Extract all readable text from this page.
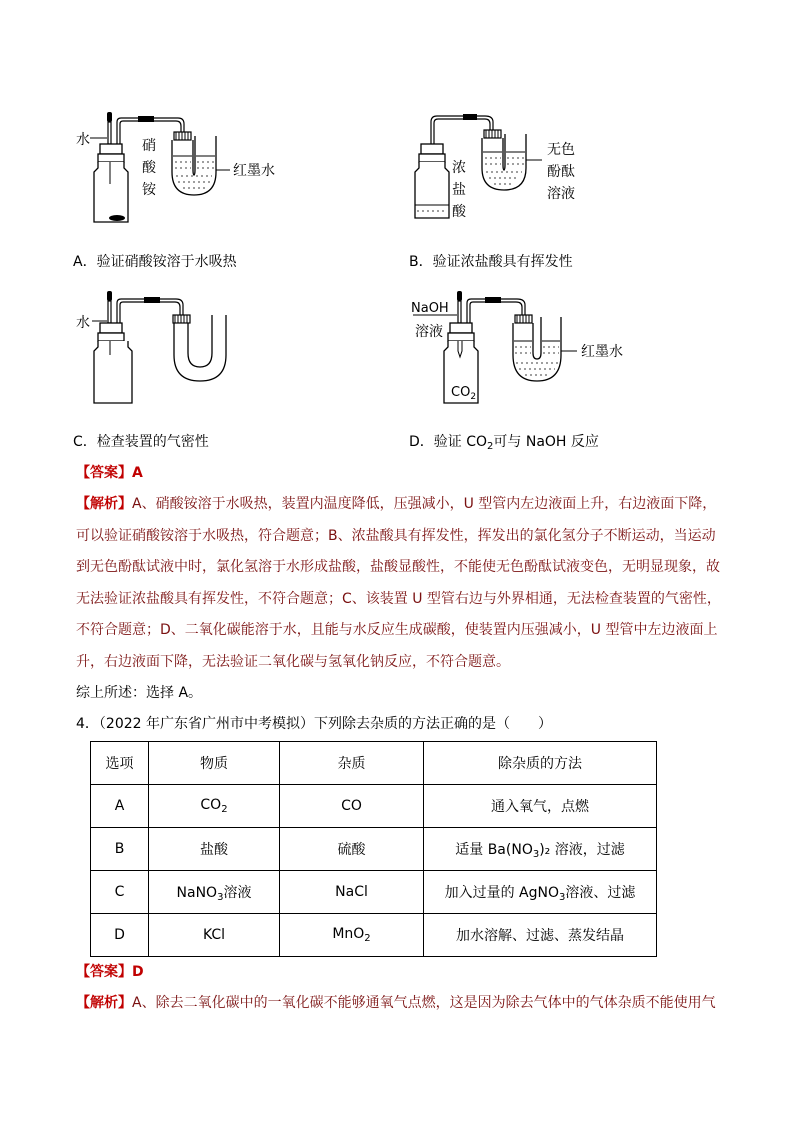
水	硝
酸
铵
红墨水
A．验证硝酸铵溶于水吸热
浓
盐
酸
无色
酚酞
溶液
B．验证浓盐酸具有挥发性
水
C．检查装置的气密性
NaOH
溶液
$CO_2$
红墨水
D．验证 $CO_2$可与 NaOH 反应
【答案】A
【解析】A、硝酸铵溶于水吸热，装置内温度降低，压强减小，U 型管内左边液面上升，右边液面下降，
可以验证硝酸铵溶于水吸热，符合题意；B、浓盐酸具有挥发性，挥发出的氯化氢分子不断运动，当运动
到无色酚酞试液中时，氯化氢溶于水形成盐酸，盐酸显酸性，不能使无色酚酞试液变色，无明显现象，故
无法验证浓盐酸具有挥发性，不符合题意；C、该装置 U 型管右边与外界相通，无法检查装置的气密性，
不符合题意；D、二氧化碳能溶于水，且能与水反应生成碳酸，使装置内压强减小，U 型管中左边液面上
升，右边液面下降，无法验证二氧化碳与氢氧化钠反应，不符合题意。
综上所述：选择 A。
4．（2022 年广东省广州市中考模拟）下列除去杂质的方法正确的是（　　）
选项	物质	杂质	除杂质的方法
A	$CO_2$	CO	通入氧气，点燃
B	盐酸	硫酸	适量 $Ba(NO_3)_2$ 溶液，过滤
C	NaNO$_3$溶液	NaCl	加入过量的 AgNO$_3$溶液、过滤
D	KCl	MnO$_2$	加水溶解、过滤、蒸发结晶
【答案】D
【解析】A、除去二氧化碳中的一氧化碳不能够通氧气点燃，这是因为除去气体中的气体杂质不能使用气
